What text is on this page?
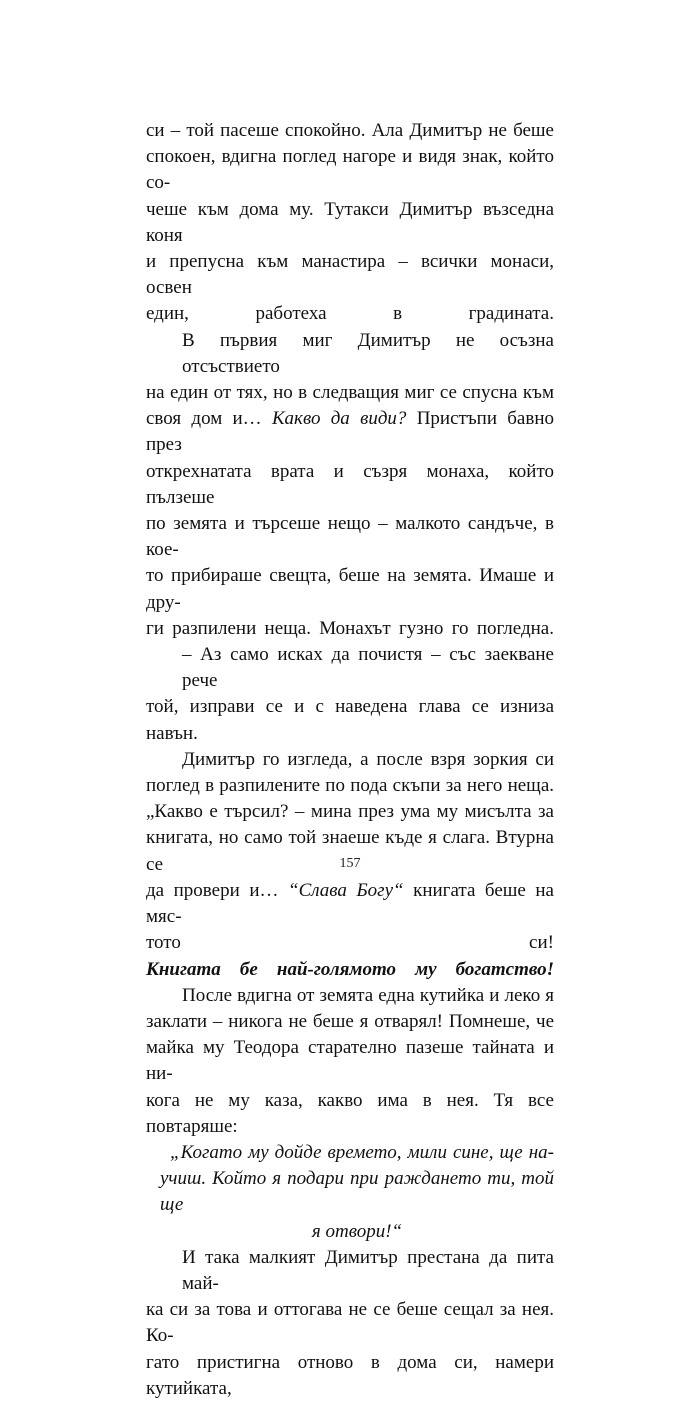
си – той пасеше спокойно. Ала Димитър не беше
спокоен, вдигна поглед нагоре и видя знак, който со-
чеше към дома му. Тутакси Димитър възседна коня
и препусна към манастира – всички монаси, освен
един, работеха в градината.

В първия миг Димитър не осъзна отсъствието
на един от тях, но в следващия миг се спусна към
своя дом и… Какво да види? Пристъпи бавно през
открехнатата врата и съзря монаха, който пълзеше
по земята и търсеше нещо – малкото сандъче, в кое-
то прибираше свещта, беше на земята. Имаше и дру-
ги разпилени неща. Монахът гузно го погледна.

– Аз само исках да почистя – със заекване рече
той, изправи се и с наведена глава се изниза навън.

Димитър го изгледа, а после взря зоркия си
поглед в разпилените по пода скъпи за него неща.
„Какво е търсил? – мина през ума му мисълта за
книгата, но само той знаеше къде я слага. Втурна се
да провери и… “Слава Богу“ книгата беше на мяс-
тото си!

Книгата бе най-голямото му богатство!

После вдигна от земята една кутийка и леко я
заклати – никога не беше я отварял! Помнеше, че
майка му Теодора старателно пазеше тайната и ни-
кога не му каза, какво има в нея. Тя все повтаряше:

„Когато му дойде времето, мили сине, ще на-
учиш. Който я подари при раждането ти, той ще
я отвори!“

И така малкият Димитър престана да пита май-
ка си за това и оттогава не се беше сещал за нея. Ко-
гато пристигна отново в дома си, намери кутийката,

157
